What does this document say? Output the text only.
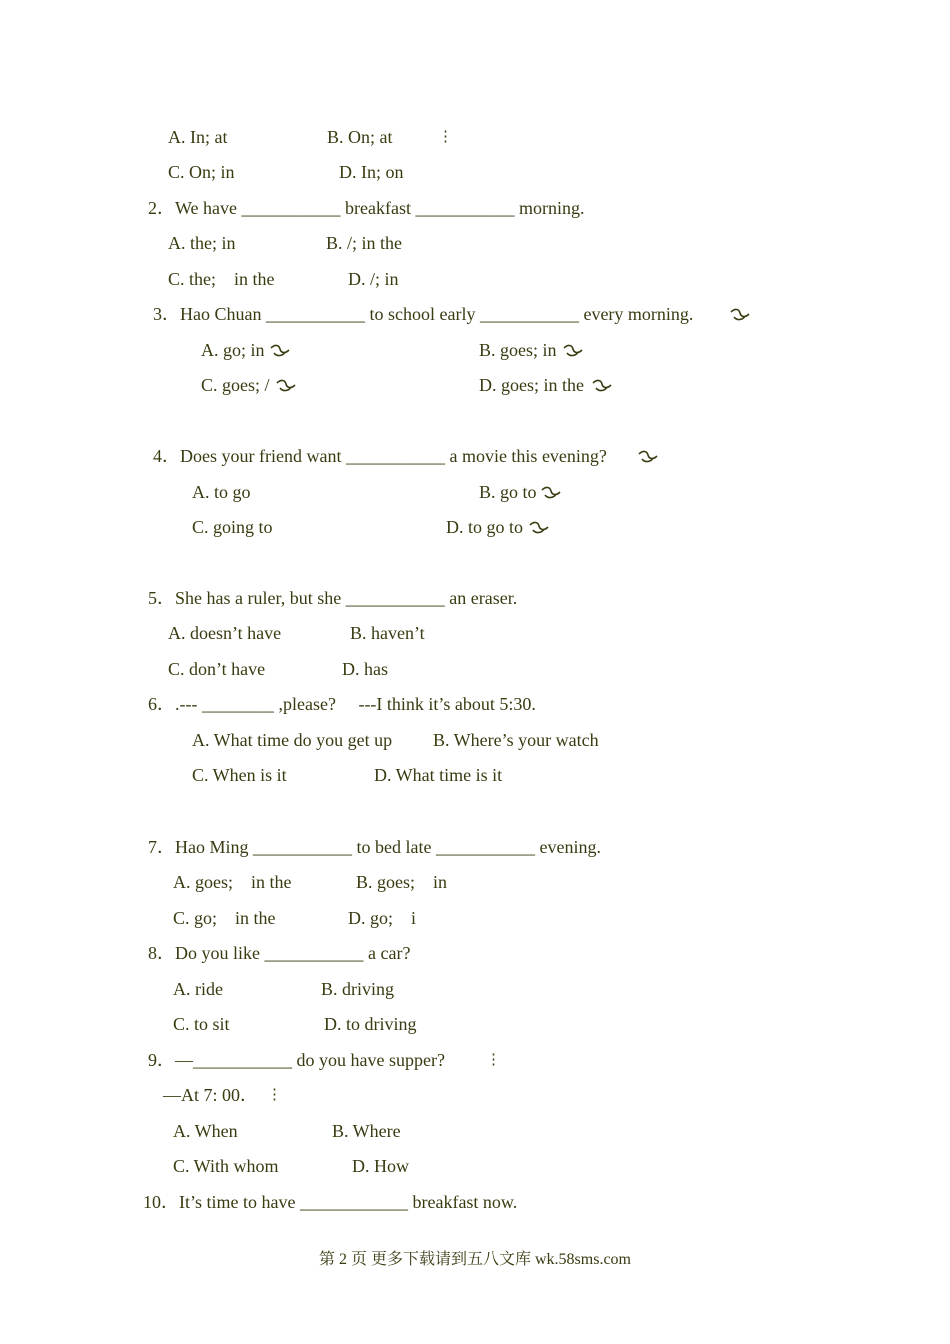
A. In; at	B. On; at	⋮
C. On; in	D. In; on
2．We have ___________ breakfast ___________ morning.
A. the; in	B. /; in the
C. the;    in the	D. /; in
3．Hao Chuan ___________ to school early ___________ every morning.
A. go; in	B. goes; in
C. goes; /	D. goes; in the
4．Does your friend want ___________ a movie this evening?
A. to go	B. go to
C. going to	D. to go to
5．She has a ruler, but she ___________ an eraser.
A. doesn’t have	B. haven’t
C. don’t have	D. has
6．.--- ________ ,please?     ---I think it’s about 5:30.
A. What time do you get up B. Where’s your watch
C. When is it	D. What time is it
7．Hao Ming ___________ to bed late ___________ evening.
A. goes;    in the	B. goes;    in
C. go;    in the	D. go;    i
8．Do you like ___________ a car?
A. ride	B. driving
C. to sit	D. to driving
9．—___________ do you have supper?	⋮
—At 7: 00． ⋮
A. When	B. Where
C. With whom	D. How
10．It’s time to have ____________ breakfast now.
第 2 页 更多下载请到五八文库 wk.58sms.com
